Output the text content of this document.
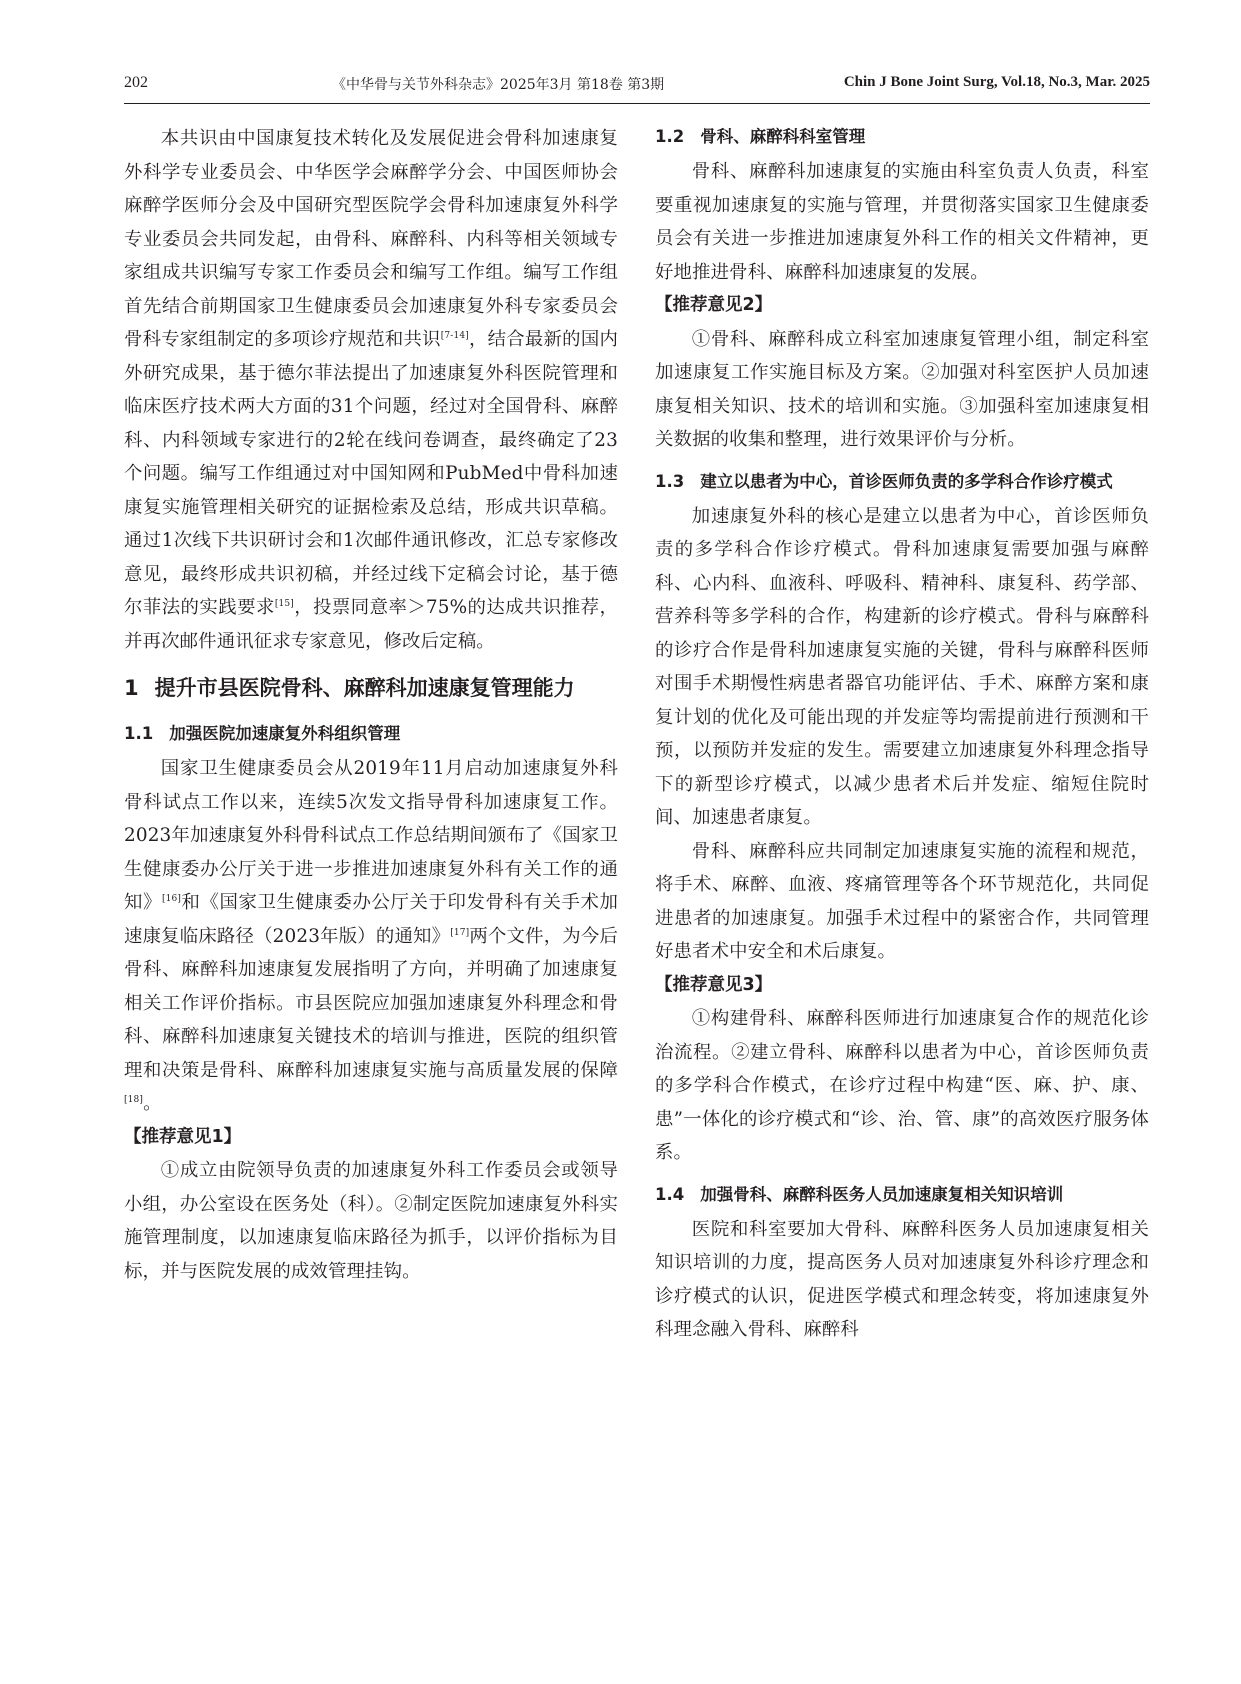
202	《中华骨与关节外科杂志》2025年3月 第18卷 第3期	Chin J Bone Joint Surg, Vol.18, No.3, Mar. 2025

本共识由中国康复技术转化及发展促进会骨科加速康复外科学专业委员会、中华医学会麻醉学分会、中国医师协会麻醉学医师分会及中国研究型医院学会骨科加速康复外科学专业委员会共同发起，由骨科、麻醉科、内科等相关领域专家组成共识编写专家工作委员会和编写工作组。编写工作组首先结合前期国家卫生健康委员会加速康复外科专家委员会骨科专家组制定的多项诊疗规范和共识[7-14]，结合最新的国内外研究成果，基于德尔菲法提出了加速康复外科医院管理和临床医疗技术两大方面的31个问题，经过对全国骨科、麻醉科、内科领域专家进行的2轮在线问卷调查，最终确定了23个问题。编写工作组通过对中国知网和PubMed中骨科加速康复实施管理相关研究的证据检索及总结，形成共识草稿。通过1次线下共识研讨会和1次邮件通讯修改，汇总专家修改意见，最终形成共识初稿，并经过线下定稿会讨论，基于德尔菲法的实践要求[15]，投票同意率＞75%的达成共识推荐，并再次邮件通讯征求专家意见，修改后定稿。

1 提升市县医院骨科、麻醉科加速康复管理能力
1.1 加强医院加速康复外科组织管理

国家卫生健康委员会从2019年11月启动加速康复外科骨科试点工作以来，连续5次发文指导骨科加速康复工作。2023年加速康复外科骨科试点工作总结期间颁布了《国家卫生健康委办公厅关于进一步推进加速康复外科有关工作的通知》[16]和《国家卫生健康委办公厅关于印发骨科有关手术加速康复临床路径（2023年版）的通知》[17]两个文件，为今后骨科、麻醉科加速康复发展指明了方向，并明确了加速康复相关工作评价指标。市县医院应加强加速康复外科理念和骨科、麻醉科加速康复关键技术的培训与推进，医院的组织管理和决策是骨科、麻醉科加速康复实施与高质量发展的保障[18]。

【推荐意见1】

①成立由院领导负责的加速康复外科工作委员会或领导小组，办公室设在医务处（科）。②制定医院加速康复外科实施管理制度，以加速康复临床路径为抓手，以评价指标为目标，并与医院发展的成效管理挂钩。

1.2 骨科、麻醉科科室管理

骨科、麻醉科加速康复的实施由科室负责人负责，科室要重视加速康复的实施与管理，并贯彻落实国家卫生健康委员会有关进一步推进加速康复外科工作的相关文件精神，更好地推进骨科、麻醉科加速康复的发展。

【推荐意见2】

①骨科、麻醉科成立科室加速康复管理小组，制定科室加速康复工作实施目标及方案。②加强对科室医护人员加速康复相关知识、技术的培训和实施。③加强科室加速康复相关数据的收集和整理，进行效果评价与分析。

1.3 建立以患者为中心，首诊医师负责的多学科合作诊疗模式

加速康复外科的核心是建立以患者为中心，首诊医师负责的多学科合作诊疗模式。骨科加速康复需要加强与麻醉科、心内科、血液科、呼吸科、精神科、康复科、药学部、营养科等多学科的合作，构建新的诊疗模式。骨科与麻醉科的诊疗合作是骨科加速康复实施的关键，骨科与麻醉科医师对围手术期慢性病患者器官功能评估、手术、麻醉方案和康复计划的优化及可能出现的并发症等均需提前进行预测和干预，以预防并发症的发生。需要建立加速康复外科理念指导下的新型诊疗模式，以减少患者术后并发症、缩短住院时间、加速患者康复。

骨科、麻醉科应共同制定加速康复实施的流程和规范，将手术、麻醉、血液、疼痛管理等各个环节规范化，共同促进患者的加速康复。加强手术过程中的紧密合作，共同管理好患者术中安全和术后康复。

【推荐意见3】

①构建骨科、麻醉科医师进行加速康复合作的规范化诊治流程。②建立骨科、麻醉科以患者为中心，首诊医师负责的多学科合作模式，在诊疗过程中构建“医、麻、护、康、患”一体化的诊疗模式和“诊、治、管、康”的高效医疗服务体系。

1.4 加强骨科、麻醉科医务人员加速康复相关知识培训

医院和科室要加大骨科、麻醉科医务人员加速康复相关知识培训的力度，提高医务人员对加速康复外科诊疗理念和诊疗模式的认识，促进医学模式和理念转变，将加速康复外科理念融入骨科、麻醉科
